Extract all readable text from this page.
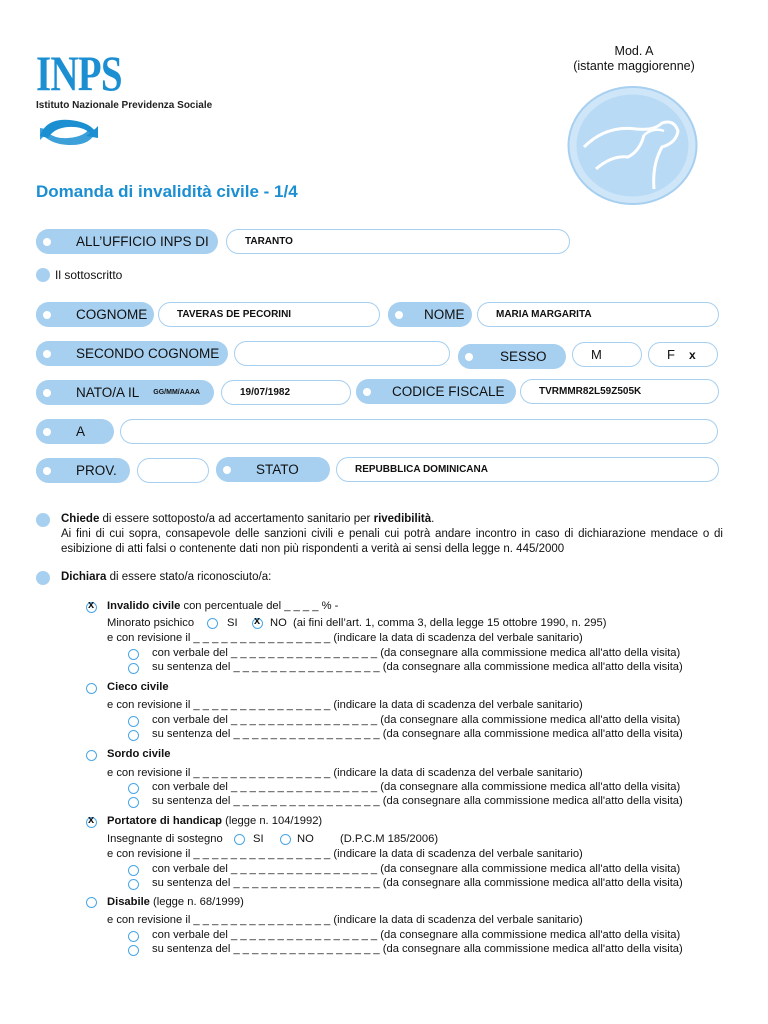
INPS
Istituto Nazionale Previdenza Sociale
Mod. A
(istante maggiorenne)
Domanda di invalidità civile - 1/4
ALL’UFFICIO INPS DI	TARANTO
Il sottoscritto
COGNOME	TAVERAS DE PECORINI	NOME	MARIA MARGARITA
SECONDO COGNOME	SESSO	M	F x
NATO/A IL GG/MM/AAAA	19/07/1982	CODICE FISCALE	TVRMMR82L59Z505K
A
PROV.	STATO	REPUBBLICA DOMINICANA
Chiede di essere sottoposto/a ad accertamento sanitario per rivedibilità.
Ai fini di cui sopra, consapevole delle sanzioni civili e penali cui potrà andare incontro in caso di dichiarazione mendace o di esibizione di atti falsi o contenente dati non più rispondenti a verità ai sensi della legge n. 445/2000
Dichiara di essere stato/a riconosciuto/a:
x Invalido civile con percentuale del _ _ _ _ % -
Minorato psichico	SI x NO (ai fini dell’art. 1, comma 3, della legge 15 ottobre 1990, n. 295)
e con revisione il _ _ _ _ _ _ _ _ _ _ _ _ _ _ _ (indicare la data di scadenza del verbale sanitario)
con verbale del _ _ _ _ _ _ _ _ _ _ _ _ _ _ _ _ (da consegnare alla commissione medica all'atto della visita)
su sentenza del _ _ _ _ _ _ _ _ _ _ _ _ _ _ _ _ (da consegnare alla commissione medica all'atto della visita)
Cieco civile
e con revisione il _ _ _ _ _ _ _ _ _ _ _ _ _ _ _ (indicare la data di scadenza del verbale sanitario)
con verbale del _ _ _ _ _ _ _ _ _ _ _ _ _ _ _ _ (da consegnare alla commissione medica all'atto della visita)
su sentenza del _ _ _ _ _ _ _ _ _ _ _ _ _ _ _ _ (da consegnare alla commissione medica all'atto della visita)
Sordo civile
e con revisione il _ _ _ _ _ _ _ _ _ _ _ _ _ _ _ (indicare la data di scadenza del verbale sanitario)
con verbale del _ _ _ _ _ _ _ _ _ _ _ _ _ _ _ _ (da consegnare alla commissione medica all'atto della visita)
su sentenza del _ _ _ _ _ _ _ _ _ _ _ _ _ _ _ _ (da consegnare alla commissione medica all'atto della visita)
x Portatore di handicap (legge n. 104/1992)
Insegnante di sostegno	SI	NO (D.P.C.M 185/2006)
e con revisione il _ _ _ _ _ _ _ _ _ _ _ _ _ _ _ (indicare la data di scadenza del verbale sanitario)
con verbale del _ _ _ _ _ _ _ _ _ _ _ _ _ _ _ _ (da consegnare alla commissione medica all'atto della visita)
su sentenza del _ _ _ _ _ _ _ _ _ _ _ _ _ _ _ _ (da consegnare alla commissione medica all'atto della visita)
Disabile (legge n. 68/1999)
e con revisione il _ _ _ _ _ _ _ _ _ _ _ _ _ _ _ (indicare la data di scadenza del verbale sanitario)
con verbale del _ _ _ _ _ _ _ _ _ _ _ _ _ _ _ _ (da consegnare alla commissione medica all'atto della visita)
su sentenza del _ _ _ _ _ _ _ _ _ _ _ _ _ _ _ _ (da consegnare alla commissione medica all'atto della visita)
